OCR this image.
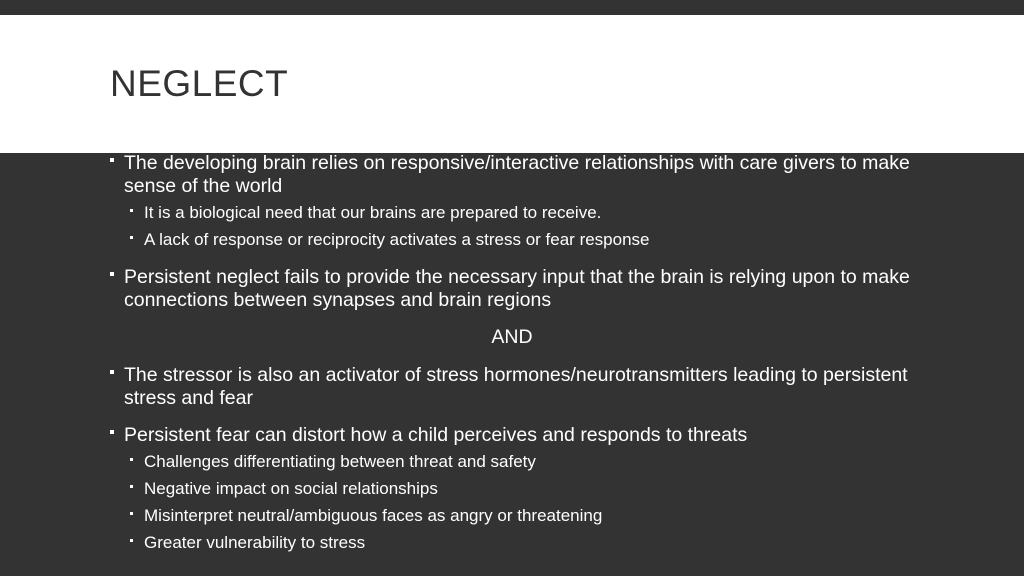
NEGLECT
The developing brain relies on responsive/interactive relationships with care givers to make sense of the world
It is a biological need that our brains are prepared to receive.
A lack of response or reciprocity activates a stress or fear response
Persistent neglect fails to provide the necessary input that the brain is relying upon to make connections between synapses and brain regions
AND
The stressor is also an activator of stress hormones/neurotransmitters leading to persistent stress and fear
Persistent fear can distort how a child perceives and responds to threats
Challenges differentiating between threat and safety
Negative impact on social relationships
Misinterpret neutral/ambiguous faces as angry or threatening
Greater vulnerability to stress
